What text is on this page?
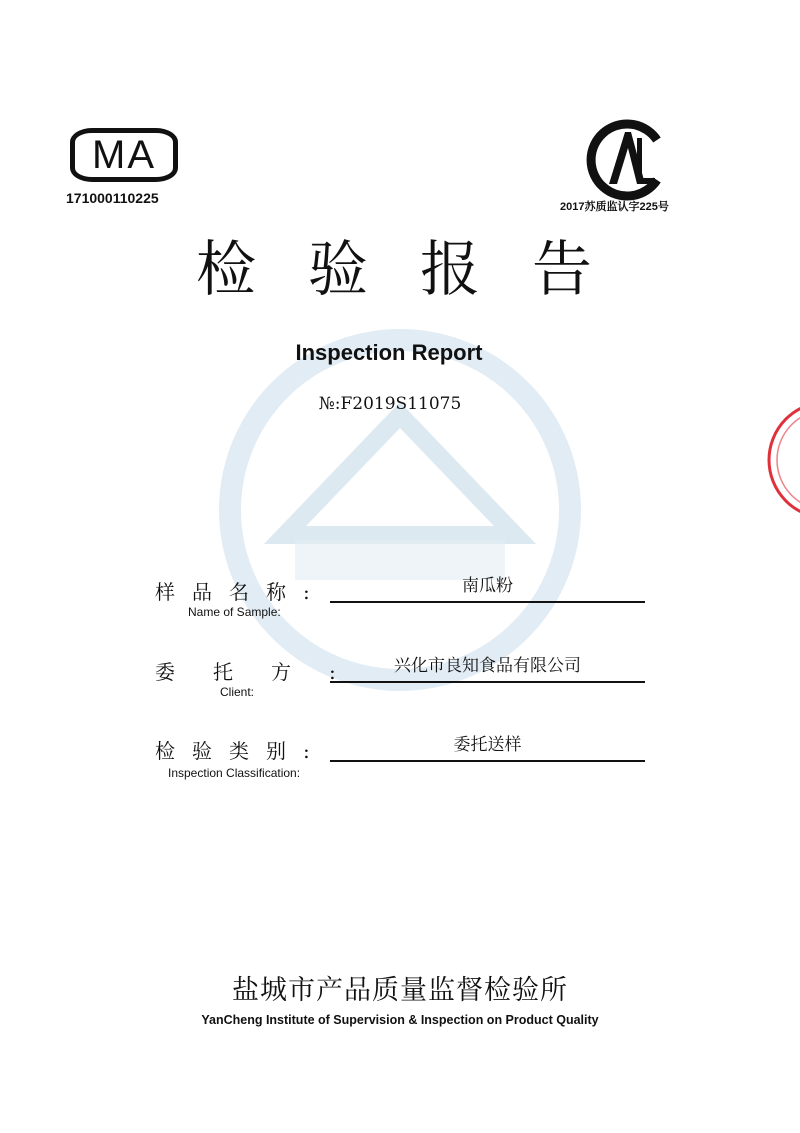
MA
171000110225
2017苏质监认字225号
检验报告
Inspection Report
№:F2019S11075
样品名称:
Name of Sample:
南瓜粉
委托方:
Client:
兴化市良知食品有限公司
检验类别:
Inspection Classification:
委托送样
盐城市产品质量监督检验所
YanCheng Institute of Supervision & Inspection on Product Quality
